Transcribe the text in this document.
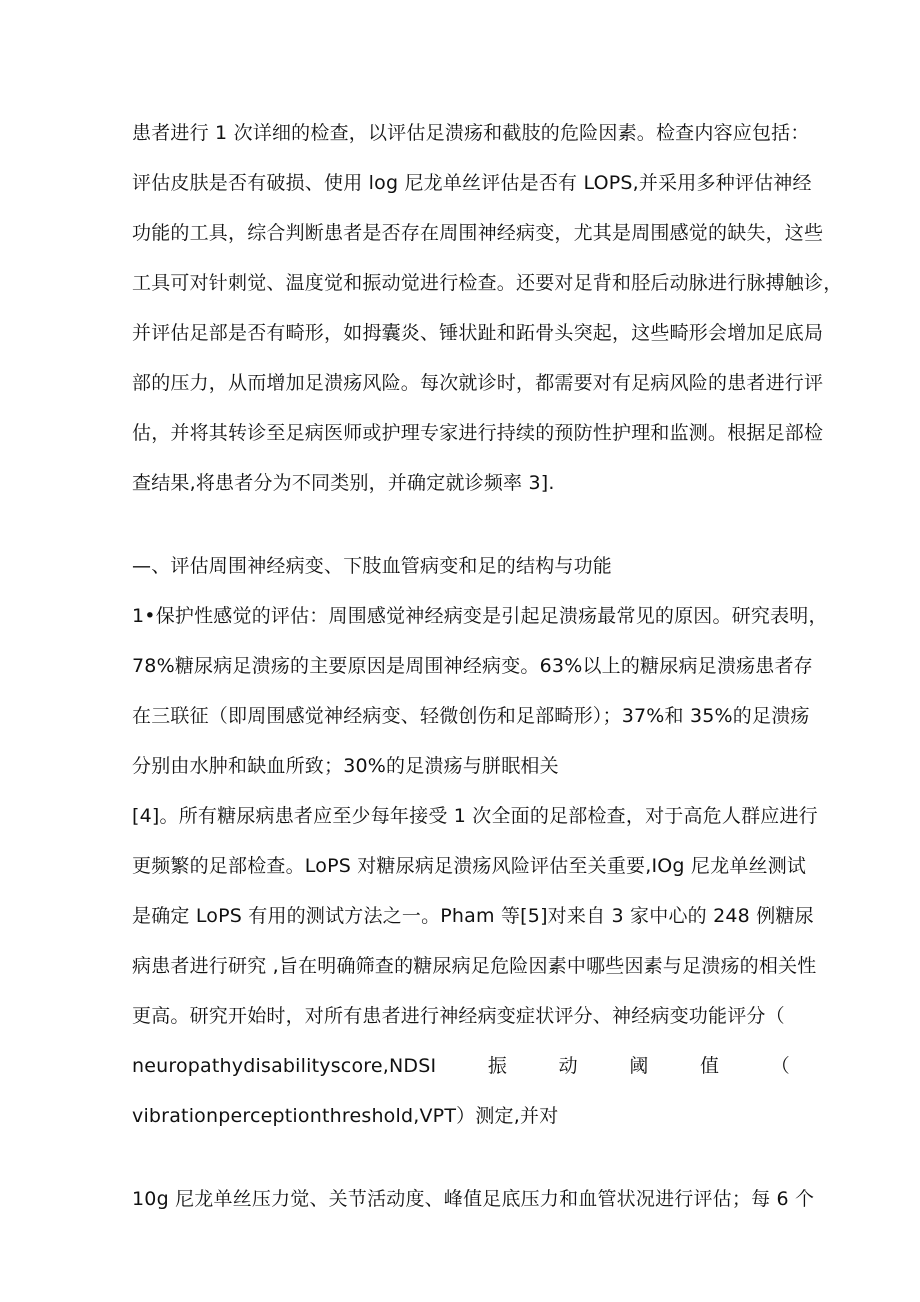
患者进行 1 次详细的检查，以评估足溃疡和截肢的危险因素。检查内容应包括：
评估皮肤是否有破损、使用 log 尼龙单丝评估是否有 LOPS,并采用多种评估神经
功能的工具，综合判断患者是否存在周围神经病变，尤其是周围感觉的缺失，这些
工具可对针刺觉、温度觉和振动觉进行检查。还要对足背和胫后动脉进行脉搏触诊，
并评估足部是否有畸形，如拇囊炎、锤状趾和跖骨头突起，这些畸形会增加足底局
部的压力，从而增加足溃疡风险。每次就诊时，都需要对有足病风险的患者进行评
估，并将其转诊至足病医师或护理专家进行持续的预防性护理和监测。根据足部检
查结果,将患者分为不同类别，并确定就诊频率 3].
—、评估周围神经病变、下肢血管病变和足的结构与功能
1•保护性感觉的评估：周围感觉神经病变是引起足溃疡最常见的原因。研究表明，
78%糖尿病足溃疡的主要原因是周围神经病变。63%以上的糖尿病足溃疡患者存
在三联征（即周围感觉神经病变、轻微创伤和足部畸形）；37%和 35%的足溃疡
分别由水肿和缺血所致；30%的足溃疡与胼眠相关
[4]。所有糖尿病患者应至少每年接受 1 次全面的足部检查，对于高危人群应进行
更频繁的足部检查。LoPS 对糖尿病足溃疡风险评估至关重要,IOg 尼龙单丝测试
是确定 LoPS 有用的测试方法之一。Pham 等[5]对来自 3 家中心的 248 例糖尿
病患者进行研究 ,旨在明确筛查的糖尿病足危险因素中哪些因素与足溃疡的相关性
更高。研究开始时，对所有患者进行神经病变症状评分、神经病变功能评分（
neuropathydisabilityscore,NDSI	振	动	阈	值	（
vibrationperceptionthreshold,VPT）测定,并对
10g 尼龙单丝压力觉、关节活动度、峰值足底压力和血管状况进行评估；每 6 个
